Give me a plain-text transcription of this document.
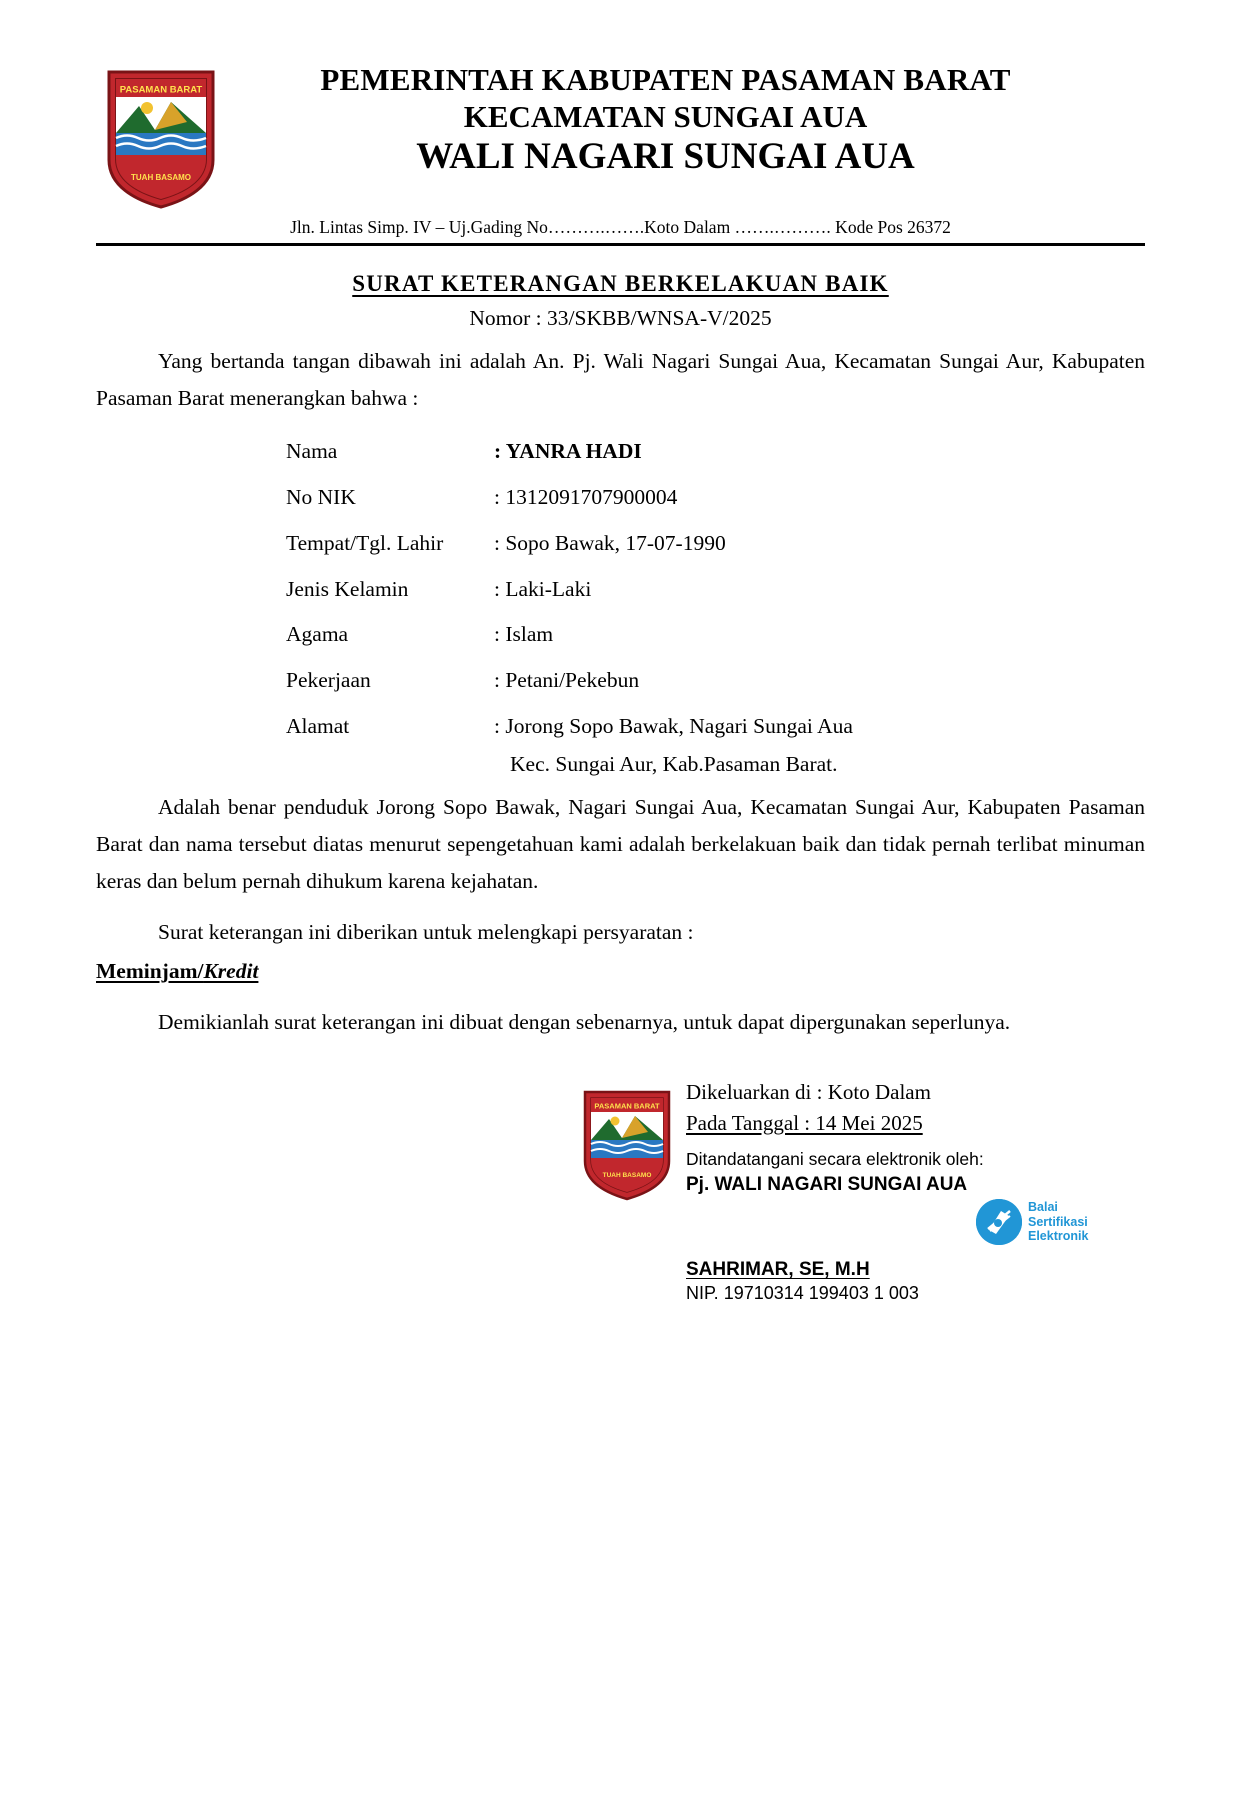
PASAMAN BARAT
TUAH BASAMO
PEMERINTAH KABUPATEN PASAMAN BARAT
KECAMATAN SUNGAI AUA
WALI NAGARI SUNGAI AUA
Jln. Lintas Simp. IV – Uj.Gading No……….…….Koto Dalam …….………. Kode Pos 26372
SURAT KETERANGAN BERKELAKUAN BAIK
Nomor : 33/SKBB/WNSA-V/2025

Yang bertanda tangan dibawah ini adalah An. Pj. Wali Nagari Sungai Aua, Kecamatan Sungai Aur, Kabupaten Pasaman Barat menerangkan bahwa :

Nama	: YANRA HADI
No NIK	: 1312091707900004
Tempat/Tgl. Lahir	: Sopo Bawak, 17-07-1990
Jenis Kelamin	: Laki-Laki
Agama	: Islam
Pekerjaan	: Petani/Pekebun
Alamat	: Jorong Sopo Bawak, Nagari Sungai Aua
Kec. Sungai Aur, Kab.Pasaman Barat.

Adalah benar penduduk Jorong Sopo Bawak, Nagari Sungai Aua, Kecamatan Sungai Aur, Kabupaten Pasaman Barat dan nama tersebut diatas menurut sepengetahuan kami adalah berkelakuan baik dan tidak pernah terlibat minuman keras dan belum pernah dihukum karena kejahatan.

Surat keterangan ini diberikan untuk melengkapi persyaratan :

Meminjam/Kredit

Demikianlah surat keterangan ini dibuat dengan sebenarnya, untuk dapat dipergunakan seperlunya.

PASAMAN BARAT
TUAH BASAMO
Dikeluarkan di : Koto Dalam
Pada Tanggal : 14 Mei 2025
Ditandatangani secara elektronik oleh:
Pj. WALI NAGARI SUNGAI AUA
SAHRIMAR, SE, M.H
NIP. 19710314 199403 1 003
Balai
Sertifikasi
Elektronik
